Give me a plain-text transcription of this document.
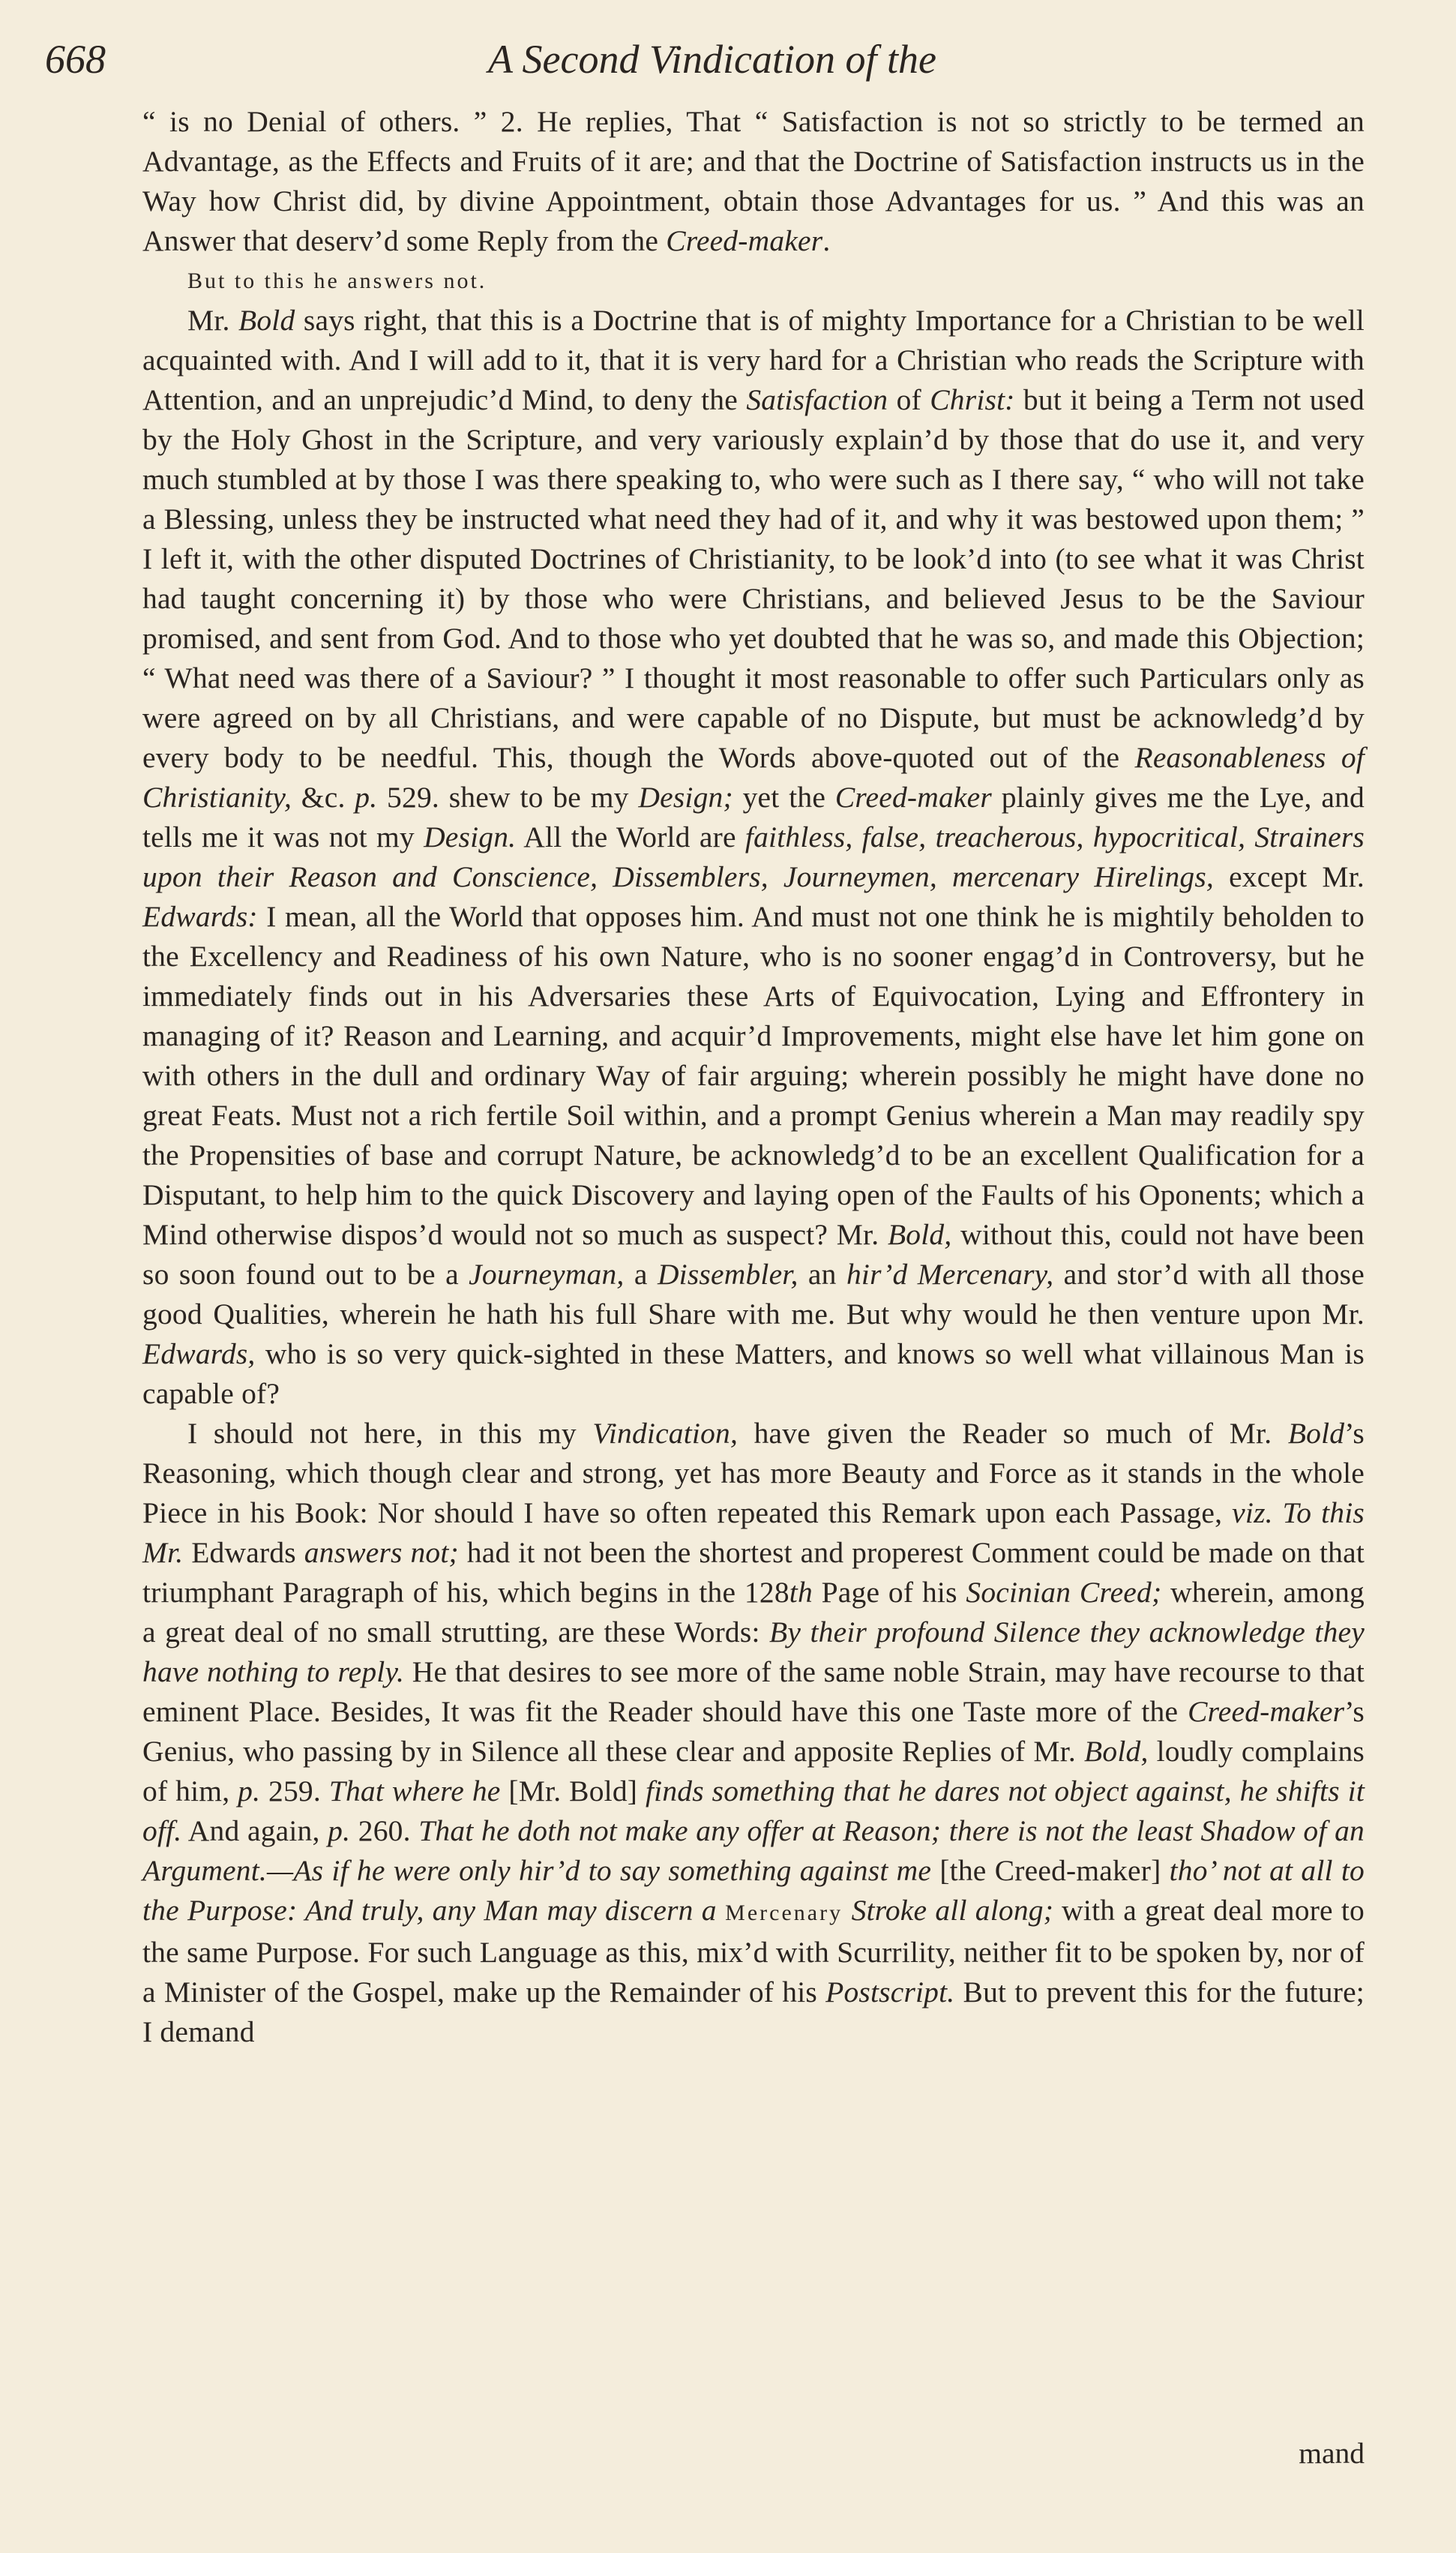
668	A Second Vindication of the

“ is no Denial of others. ” 2. He replies, That “ Satisfaction is not so strictly to be termed an Advantage, as the Effects and Fruits of it are; and that the Doctrine of Satisfaction instructs us in the Way how Christ did, by divine Appointment, obtain those Advantages for us. ” And this was an Answer that deserv’d some Reply from the Creed-maker.

But to this he answers not.

Mr. Bold says right, that this is a Doctrine that is of mighty Importance for a Christian to be well acquainted with. And I will add to it, that it is very hard for a Christian who reads the Scripture with Attention, and an unprejudic’d Mind, to deny the Satisfaction of Christ: but it being a Term not used by the Holy Ghost in the Scripture, and very variously explain’d by those that do use it, and very much stumbled at by those I was there speaking to, who were such as I there say, “ who will not take a Blessing, unless they be instructed what need they had of it, and why it was bestowed upon them; ” I left it, with the other disputed Doctrines of Christianity, to be look’d into (to see what it was Christ had taught concerning it) by those who were Christians, and believed Jesus to be the Saviour promised, and sent from God. And to those who yet doubted that he was so, and made this Objection; “ What need was there of a Saviour? ” I thought it most reasonable to offer such Particulars only as were agreed on by all Christians, and were capable of no Dispute, but must be acknowledg’d by every body to be needful. This, though the Words above-quoted out of the Reasonableness of Christianity, &c. p. 529. shew to be my Design; yet the Creed-maker plainly gives me the Lye, and tells me it was not my Design. All the World are faithless, false, treacherous, hypocritical, Strainers upon their Reason and Conscience, Dissemblers, Journeymen, mercenary Hirelings, except Mr. Edwards: I mean, all the World that opposes him. And must not one think he is mightily beholden to the Excellency and Readiness of his own Nature, who is no sooner engag’d in Controversy, but he immediately finds out in his Adversaries these Arts of Equivocation, Lying and Effrontery in managing of it? Reason and Learning, and acquir’d Improvements, might else have let him gone on with others in the dull and ordinary Way of fair arguing; wherein possibly he might have done no great Feats. Must not a rich fertile Soil within, and a prompt Genius wherein a Man may readily spy the Propensities of base and corrupt Nature, be acknowledg’d to be an excellent Qualification for a Disputant, to help him to the quick Discovery and laying open of the Faults of his Oponents; which a Mind otherwise dispos’d would not so much as suspect? Mr. Bold, without this, could not have been so soon found out to be a Journeyman, a Dissembler, an hir’d Mercenary, and stor’d with all those good Qualities, wherein he hath his full Share with me. But why would he then venture upon Mr. Edwards, who is so very quick-sighted in these Matters, and knows so well what villainous Man is capable of?

I should not here, in this my Vindication, have given the Reader so much of Mr. Bold’s Reasoning, which though clear and strong, yet has more Beauty and Force as it stands in the whole Piece in his Book: Nor should I have so often repeated this Remark upon each Passage, viz. To this Mr. Edwards answers not; had it not been the shortest and properest Comment could be made on that triumphant Paragraph of his, which begins in the 128th Page of his Socinian Creed; wherein, among a great deal of no small strutting, are these Words: By their profound Silence they acknowledge they have nothing to reply. He that desires to see more of the same noble Strain, may have recourse to that eminent Place. Besides, It was fit the Reader should have this one Taste more of the Creed-maker’s Genius, who passing by in Silence all these clear and apposite Replies of Mr. Bold, loudly complains of him, p. 259. That where he [Mr. Bold] finds something that he dares not object against, he shifts it off. And again, p. 260. That he doth not make any offer at Reason; there is not the least Shadow of an Argument.—As if he were only hir’d to say something against me [the Creed-maker] tho’ not at all to the Purpose: And truly, any Man may discern a Mercenary Stroke all along; with a great deal more to the same Purpose. For such Language as this, mix’d with Scurrility, neither fit to be spoken by, nor of a Minister of the Gospel, make up the Remainder of his Postscript. But to prevent this for the future; I demand

mand
